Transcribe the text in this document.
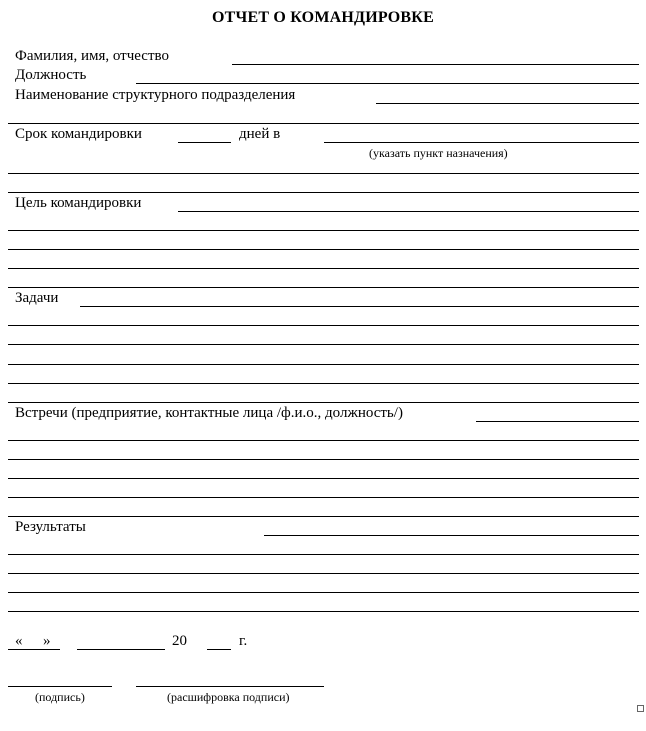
ОТЧЕТ О КОМАНДИРОВКЕ
Фамилия, имя, отчество
Должность
Наименование структурного подразделения
Срок командировки	дней в
(указать пункт назначения)
Цель командировки
Задачи
Встречи (предприятие, контактные лица /ф.и.о., должность/)
Результаты
« »	20	г.
(подпись)	(расшифровка подписи)
